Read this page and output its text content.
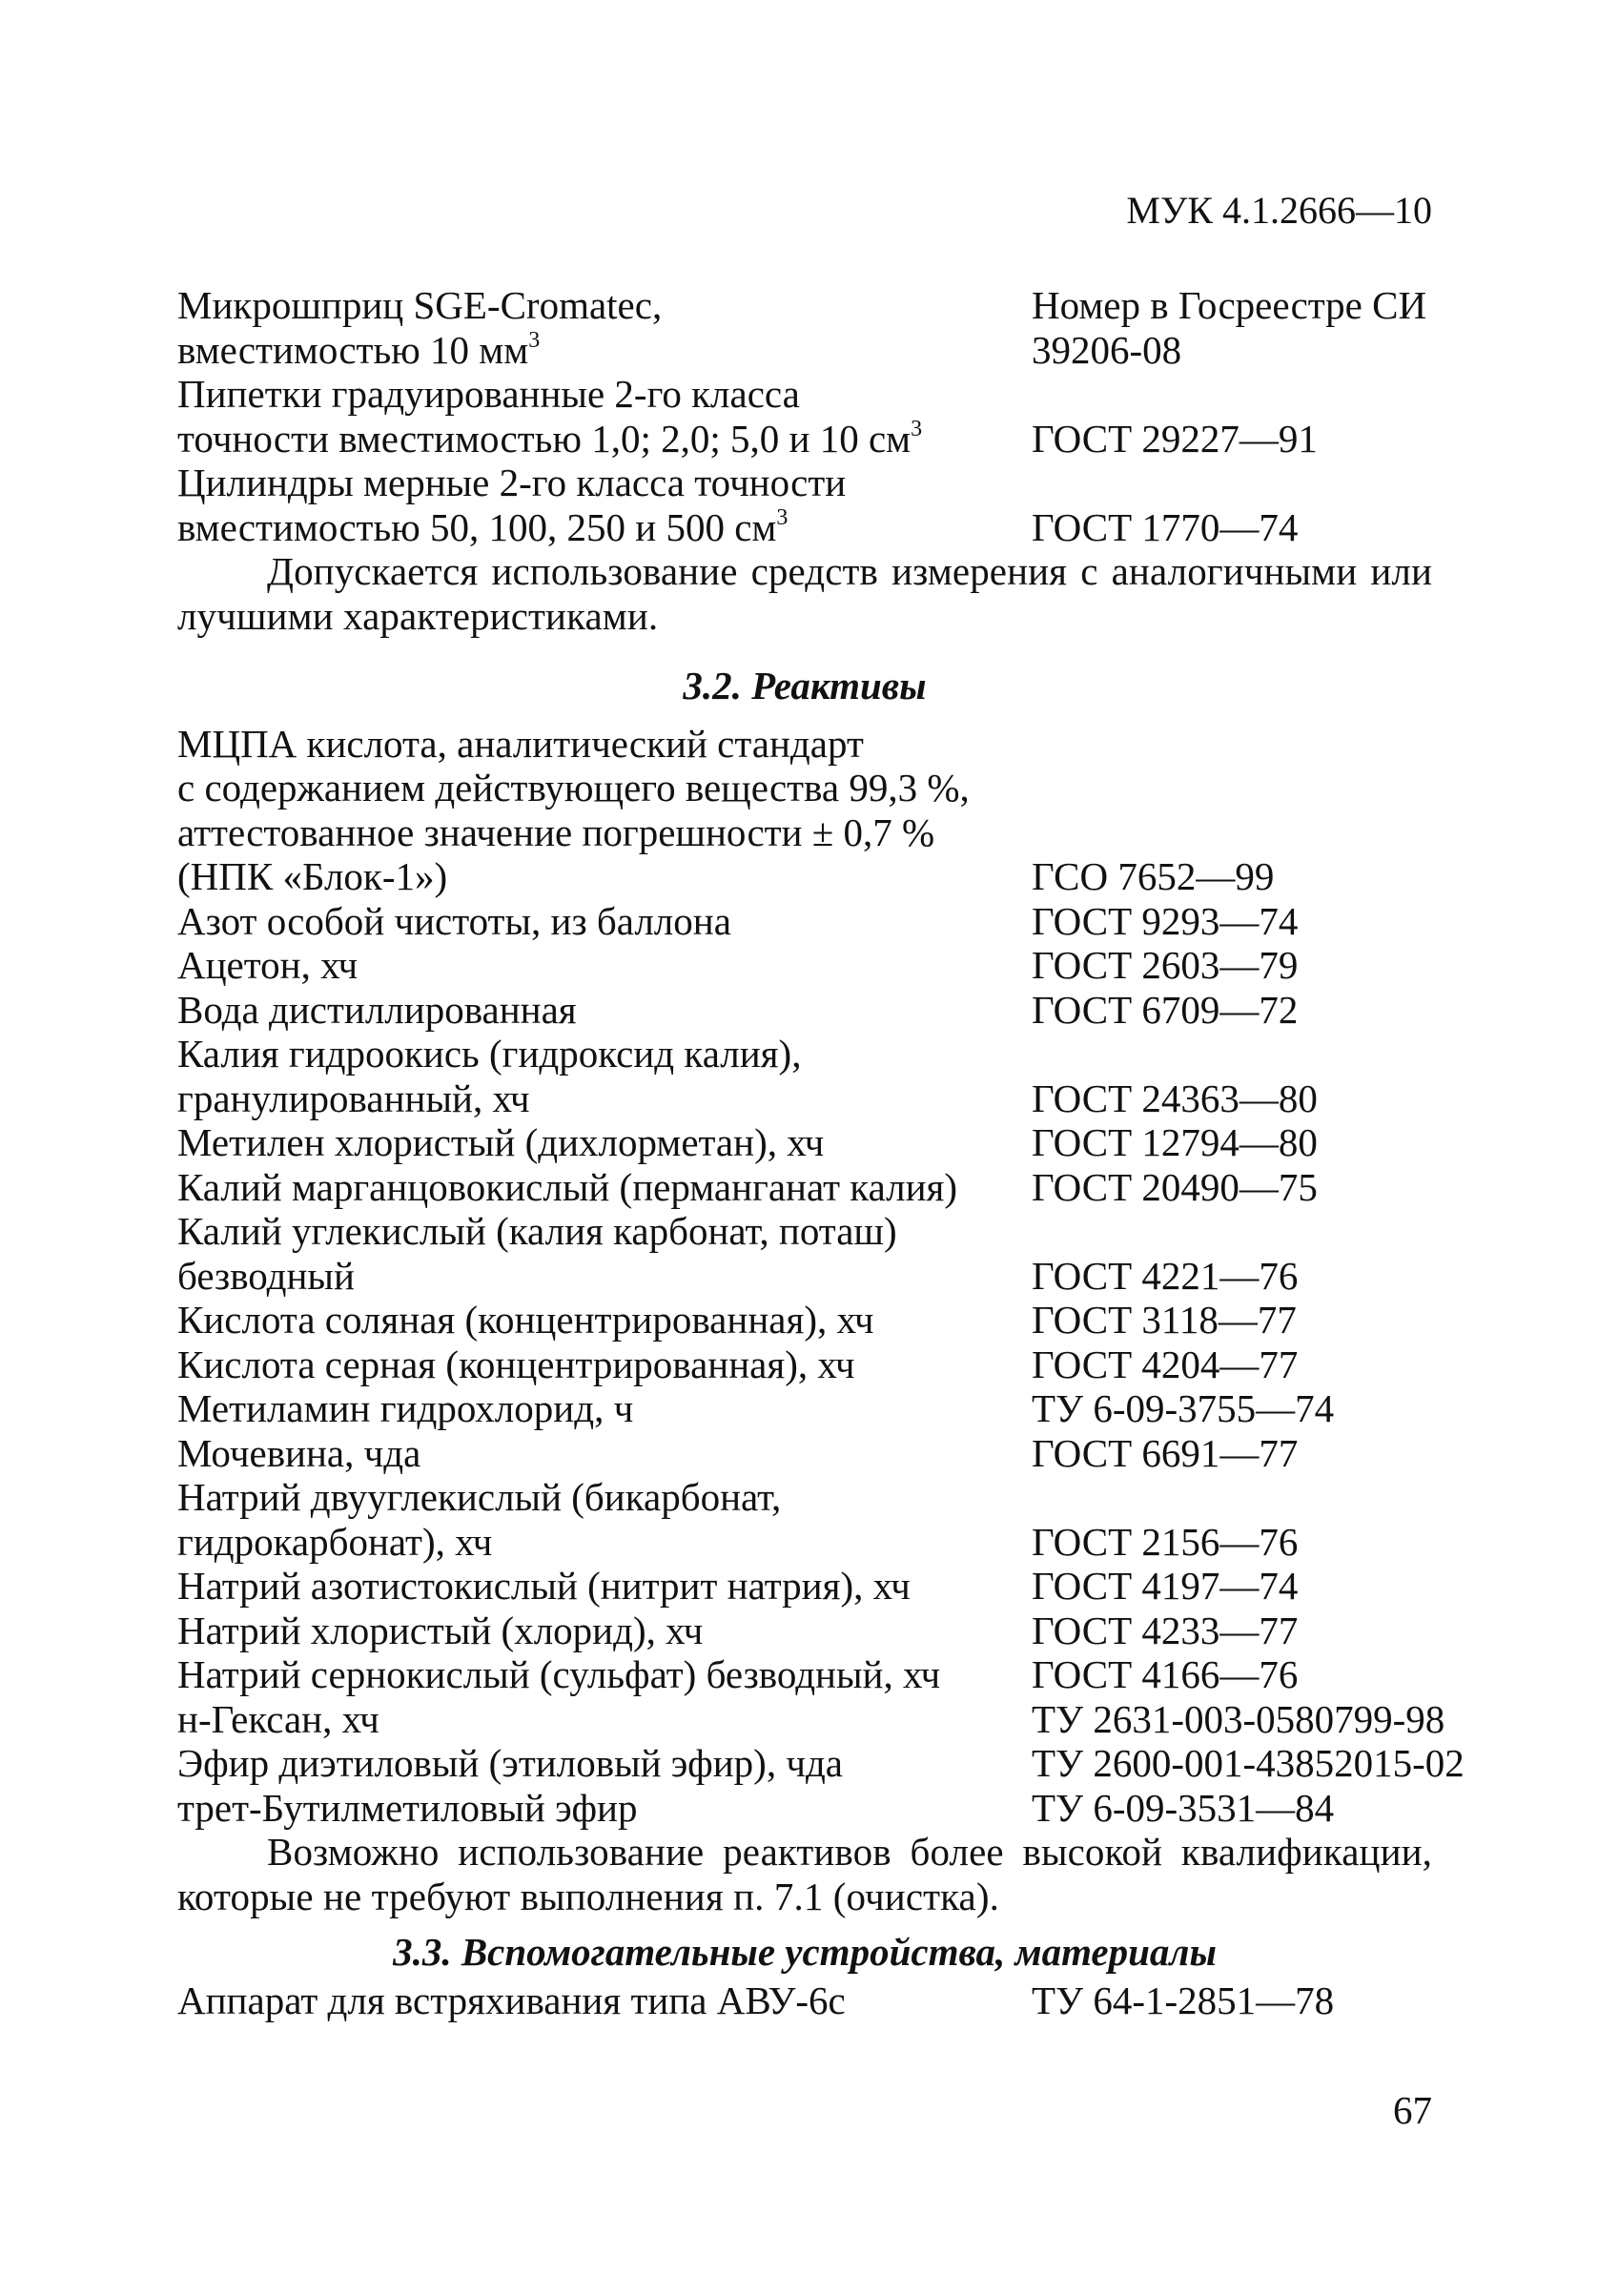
МУК 4.1.2666—10
Микрошприц SGE-Cromatec,	Номер в Госреестре СИ
вместимостью 10 $мм^3$	39206-08
Пипетки градуированные 2-го класса
точности вместимостью 1,0; 2,0; 5,0 и 10 $см^3$	ГОСТ 29227—91
Цилиндры мерные 2-го класса точности
вместимостью 50, 100, 250 и 500 $см^3$	ГОСТ 1770—74
Допускается использование средств измерения с аналогичными или лучшими характеристиками.
3.2. Реактивы
МЦПА кислота, аналитический стандарт
с содержанием действующего вещества 99,3 %,
аттестованное значение погрешности ± 0,7 %
(НПК «Блок-1»)	ГСО 7652—99
Азот особой чистоты, из баллона	ГОСТ 9293—74
Ацетон, хч	ГОСТ 2603—79
Вода дистиллированная	ГОСТ 6709—72
Калия гидроокись (гидроксид калия),
гранулированный, хч	ГОСТ 24363—80
Метилен хлористый (дихлорметан), хч	ГОСТ 12794—80
Калий марганцовокислый (перманганат калия) ГОСТ 20490—75
Калий углекислый (калия карбонат, поташ)
безводный	ГОСТ 4221—76
Кислота соляная (концентрированная), хч	ГОСТ 3118—77
Кислота серная (концентрированная), хч	ГОСТ 4204—77
Метиламин гидрохлорид, ч	ТУ 6-09-3755—74
Мочевина, чда	ГОСТ 6691—77
Натрий двууглекислый (бикарбонат,
гидрокарбонат), хч	ГОСТ 2156—76
Натрий азотистокислый (нитрит натрия), хч	ГОСТ 4197—74
Натрий хлористый (хлорид), хч	ГОСТ 4233—77
Натрий сернокислый (сульфат) безводный, хч ГОСТ 4166—76
н-Гексан, хч	ТУ 2631-003-0580799-98
Эфир диэтиловый (этиловый эфир), чда	ТУ 2600-001-43852015-02
трет-Бутилметиловый эфир	ТУ 6-09-3531—84
Возможно использование реактивов более высокой квалификации, которые не требуют выполнения п. 7.1 (очистка).
3.3. Вспомогательные устройства, материалы
Аппарат для встряхивания типа АВУ-6с	ТУ 64-1-2851—78
67
